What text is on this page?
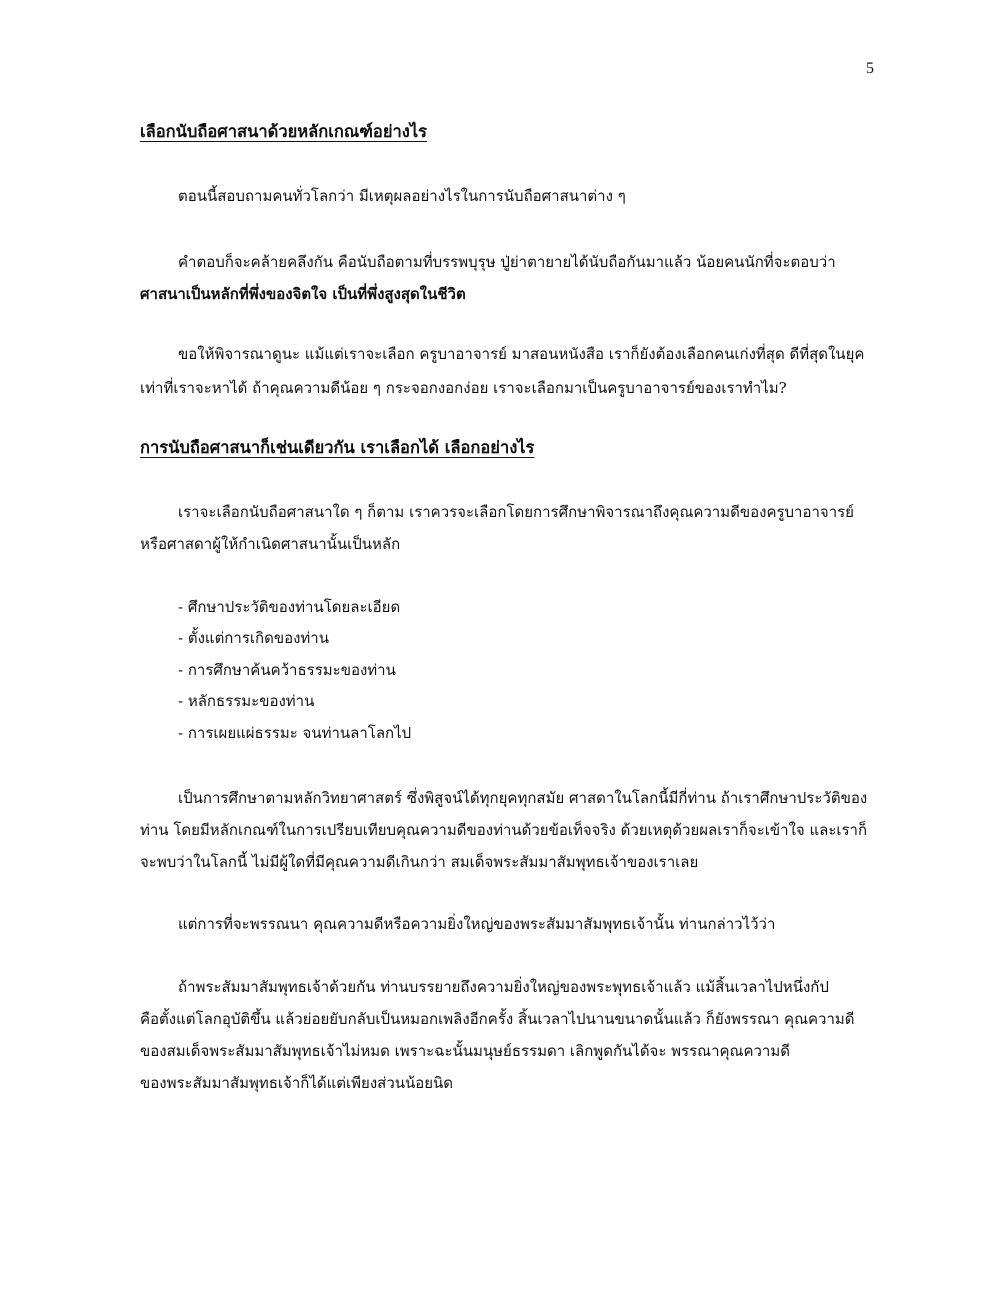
5
เลือกนับถือศาสนาด้วยหลักเกณฑ์อย่างไร
ตอนนี้สอบถามคนทั่วโลกว่า มีเหตุผลอย่างไรในการนับถือศาสนาต่าง ๆ
คำตอบก็จะคล้ายคลึงกัน คือนับถือตามที่บรรพบุรุษ ปู่ย่าตายายได้นับถือกันมาแล้ว น้อยคนนักที่จะตอบว่า
ศาสนาเป็นหลักที่พึ่งของจิตใจ เป็นที่พึ่งสูงสุดในชีวิต
ขอให้พิจารณาดูนะ แม้แต่เราจะเลือก ครูบาอาจารย์ มาสอนหนังสือ เราก็ยังต้องเลือกคนเก่งที่สุด ดีที่สุดในยุค
เท่าที่เราจะหาได้ ถ้าคุณความดีน้อย ๆ กระจอกงอกง่อย เราจะเลือกมาเป็นครูบาอาจารย์ของเราทำไม?
การนับถือศาสนาก็เช่นเดียวกัน เราเลือกได้ เลือกอย่างไร
เราจะเลือกนับถือศาสนาใด ๆ ก็ตาม เราควรจะเลือกโดยการศึกษาพิจารณาถึงคุณความดีของครูบาอาจารย์
หรือศาสดาผู้ให้กำเนิดศาสนานั้นเป็นหลัก
- ศึกษาประวัติของท่านโดยละเอียด
- ตั้งแต่การเกิดของท่าน
- การศึกษาค้นคว้าธรรมะของท่าน
- หลักธรรมะของท่าน
- การเผยแผ่ธรรมะ จนท่านลาโลกไป
เป็นการศึกษาตามหลักวิทยาศาสตร์ ซึ่งพิสูจน์ได้ทุกยุคทุกสมัย ศาสดาในโลกนี้มีกี่ท่าน ถ้าเราศึกษาประวัติของ
ท่าน โดยมีหลักเกณฑ์ในการเปรียบเทียบคุณความดีของท่านด้วยข้อเท็จจริง ด้วยเหตุด้วยผลเราก็จะเข้าใจ และเราก็
จะพบว่าในโลกนี้ ไม่มีผู้ใดที่มีคุณความดีเกินกว่า สมเด็จพระสัมมาสัมพุทธเจ้าของเราเลย
แต่การที่จะพรรณนา คุณความดีหรือความยิ่งใหญ่ของพระสัมมาสัมพุทธเจ้านั้น ท่านกล่าวไว้ว่า
ถ้าพระสัมมาสัมพุทธเจ้าด้วยกัน ท่านบรรยายถึงความยิ่งใหญ่ของพระพุทธเจ้าแล้ว แม้สิ้นเวลาไปหนึ่งกัป
คือตั้งแต่โลกอุบัติขึ้น แล้วย่อยยับกลับเป็นหมอกเพลิงอีกครั้ง สิ้นเวลาไปนานขนาดนั้นแล้ว ก็ยังพรรณา คุณความดี
ของสมเด็จพระสัมมาสัมพุทธเจ้าไม่หมด เพราะฉะนั้นมนุษย์ธรรมดา เลิกพูดกันได้จะ พรรณาคุณความดี
ของพระสัมมาสัมพุทธเจ้าก็ได้แต่เพียงส่วนน้อยนิด
